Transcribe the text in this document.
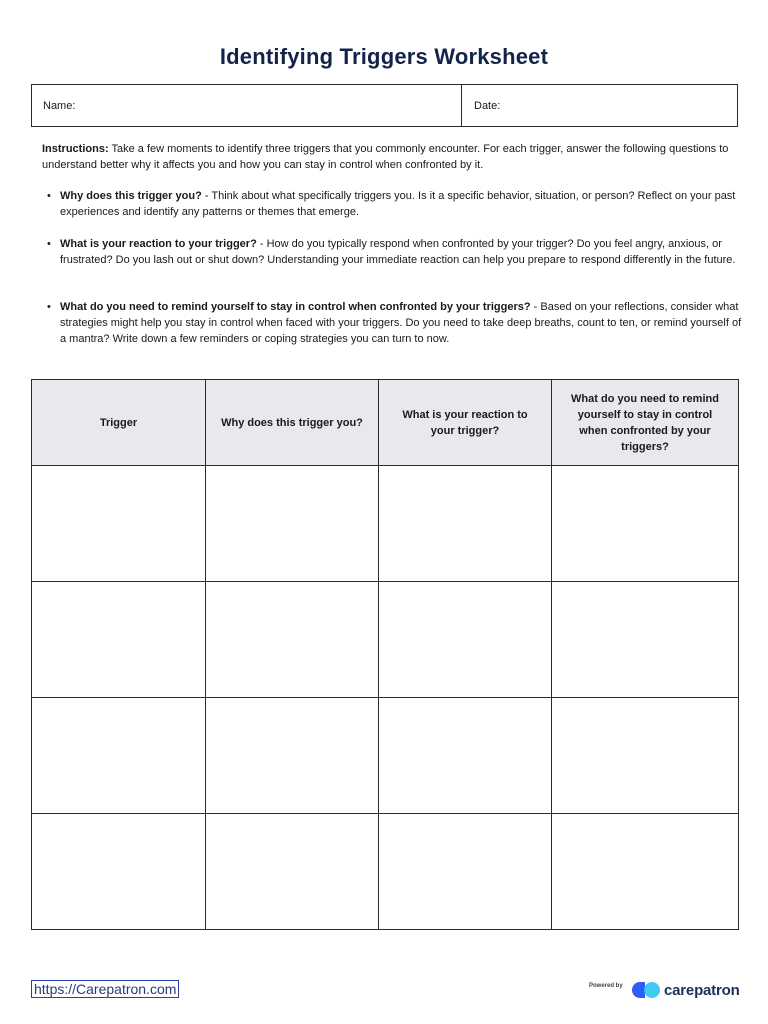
Identifying Triggers Worksheet
Name:	Date:

Instructions: Take a few moments to identify three triggers that you commonly encounter. For each trigger, answer the following questions to understand better why it affects you and how you can stay in control when confronted by it.

• Why does this trigger you? - Think about what specifically triggers you. Is it a specific behavior, situation, or person? Reflect on your past experiences and identify any patterns or themes that emerge.
• What is your reaction to your trigger? - How do you typically respond when confronted by your trigger? Do you feel angry, anxious, or frustrated? Do you lash out or shut down? Understanding your immediate reaction can help you prepare to respond differently in the future.
• What do you need to remind yourself to stay in control when confronted by your triggers? - Based on your reflections, consider what strategies might help you stay in control when faced with your triggers. Do you need to take deep breaths, count to ten, or remind yourself of a mantra? Write down a few reminders or coping strategies you can turn to now.
Trigger	Why does this trigger you?	What is your reaction to your trigger?	What do you need to remind yourself to stay in control when confronted by your triggers?

https://Carepatron.com	Powered by	carepatron
